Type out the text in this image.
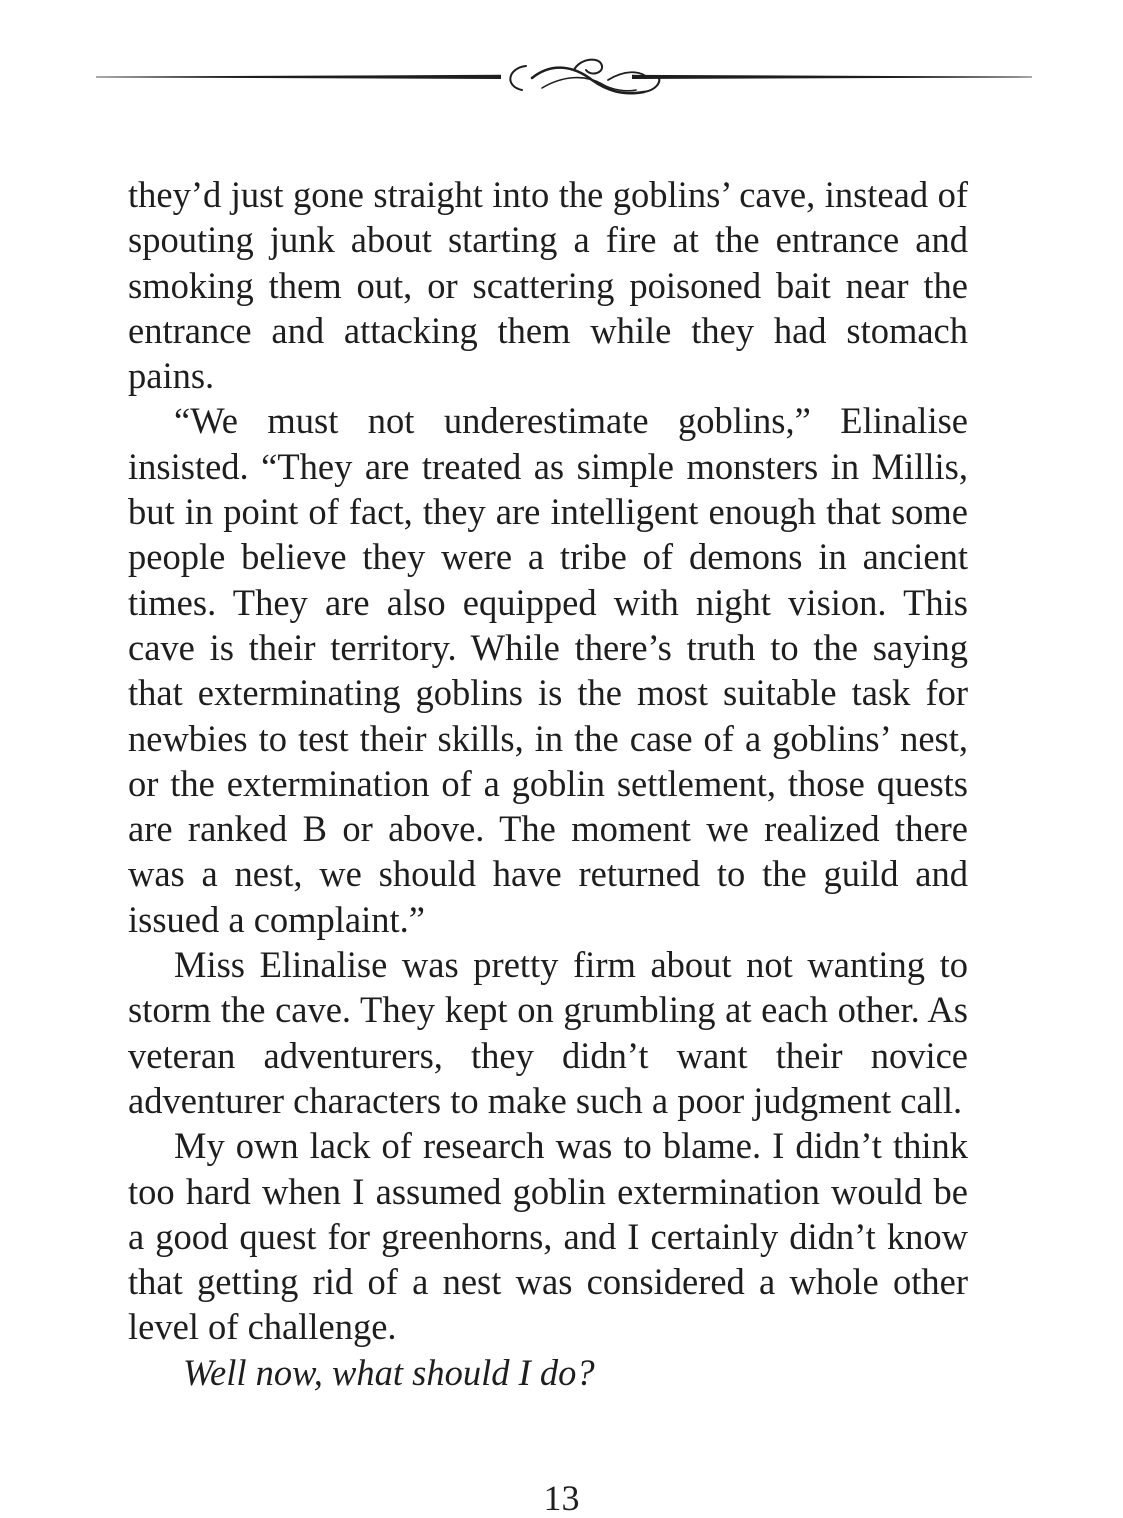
they’d just gone straight into the goblins’ cave, instead of spouting junk about starting a fire at the entrance and smoking them out, or scattering poisoned bait near the entrance and attacking them while they had stomach pains.

“We must not underestimate goblins,” Elinalise insisted. “They are treated as simple monsters in Millis, but in point of fact, they are intelligent enough that some people believe they were a tribe of demons in ancient times. They are also equipped with night vision. This cave is their territory. While there’s truth to the saying that exterminating goblins is the most suitable task for newbies to test their skills, in the case of a goblins’ nest, or the extermination of a goblin settlement, those quests are ranked B or above. The moment we realized there was a nest, we should have returned to the guild and issued a complaint.”

Miss Elinalise was pretty firm about not wanting to storm the cave. They kept on grumbling at each other. As veteran adventurers, they didn’t want their novice adventurer characters to make such a poor judgment call.

My own lack of research was to blame. I didn’t think too hard when I assumed goblin extermination would be a good quest for greenhorns, and I certainly didn’t know that getting rid of a nest was considered a whole other level of challenge.

Well now, what should I do?

13
